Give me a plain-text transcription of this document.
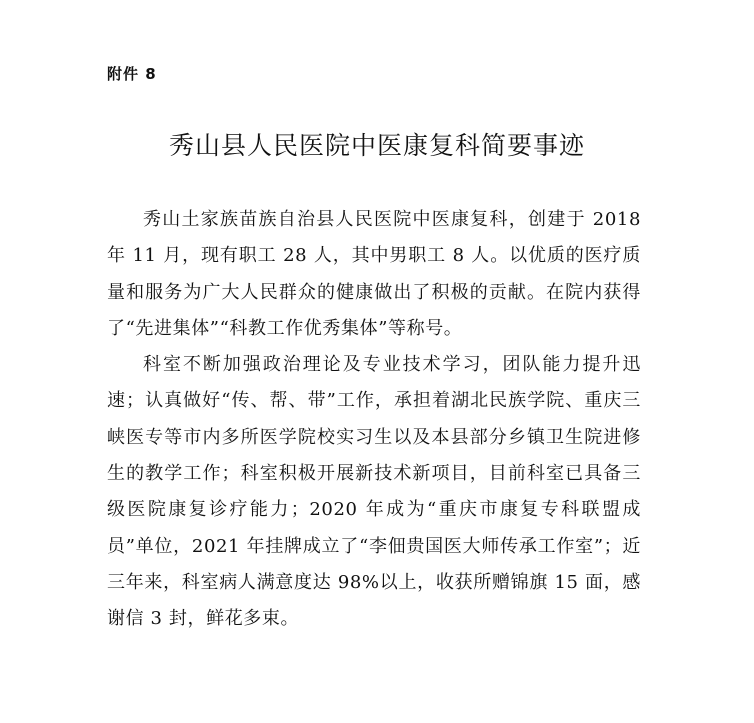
附件 8
秀山县人民医院中医康复科简要事迹

秀山土家族苗族自治县人民医院中医康复科，创建于 2018 年 11 月，现有职工 28 人，其中男职工 8 人。以优质的医疗质量和服务为广大人民群众的健康做出了积极的贡献。在院内获得了“先进集体”“科教工作优秀集体”等称号。

科室不断加强政治理论及专业技术学习，团队能力提升迅速；认真做好“传、帮、带”工作，承担着湖北民族学院、重庆三峡医专等市内多所医学院校实习生以及本县部分乡镇卫生院进修生的教学工作；科室积极开展新技术新项目，目前科室已具备三级医院康复诊疗能力；2020 年成为“重庆市康复专科联盟成员”单位，2021 年挂牌成立了“李佃贵国医大师传承工作室”；近三年来，科室病人满意度达 98%以上，收获所赠锦旗 15 面，感谢信 3 封，鲜花多束。
